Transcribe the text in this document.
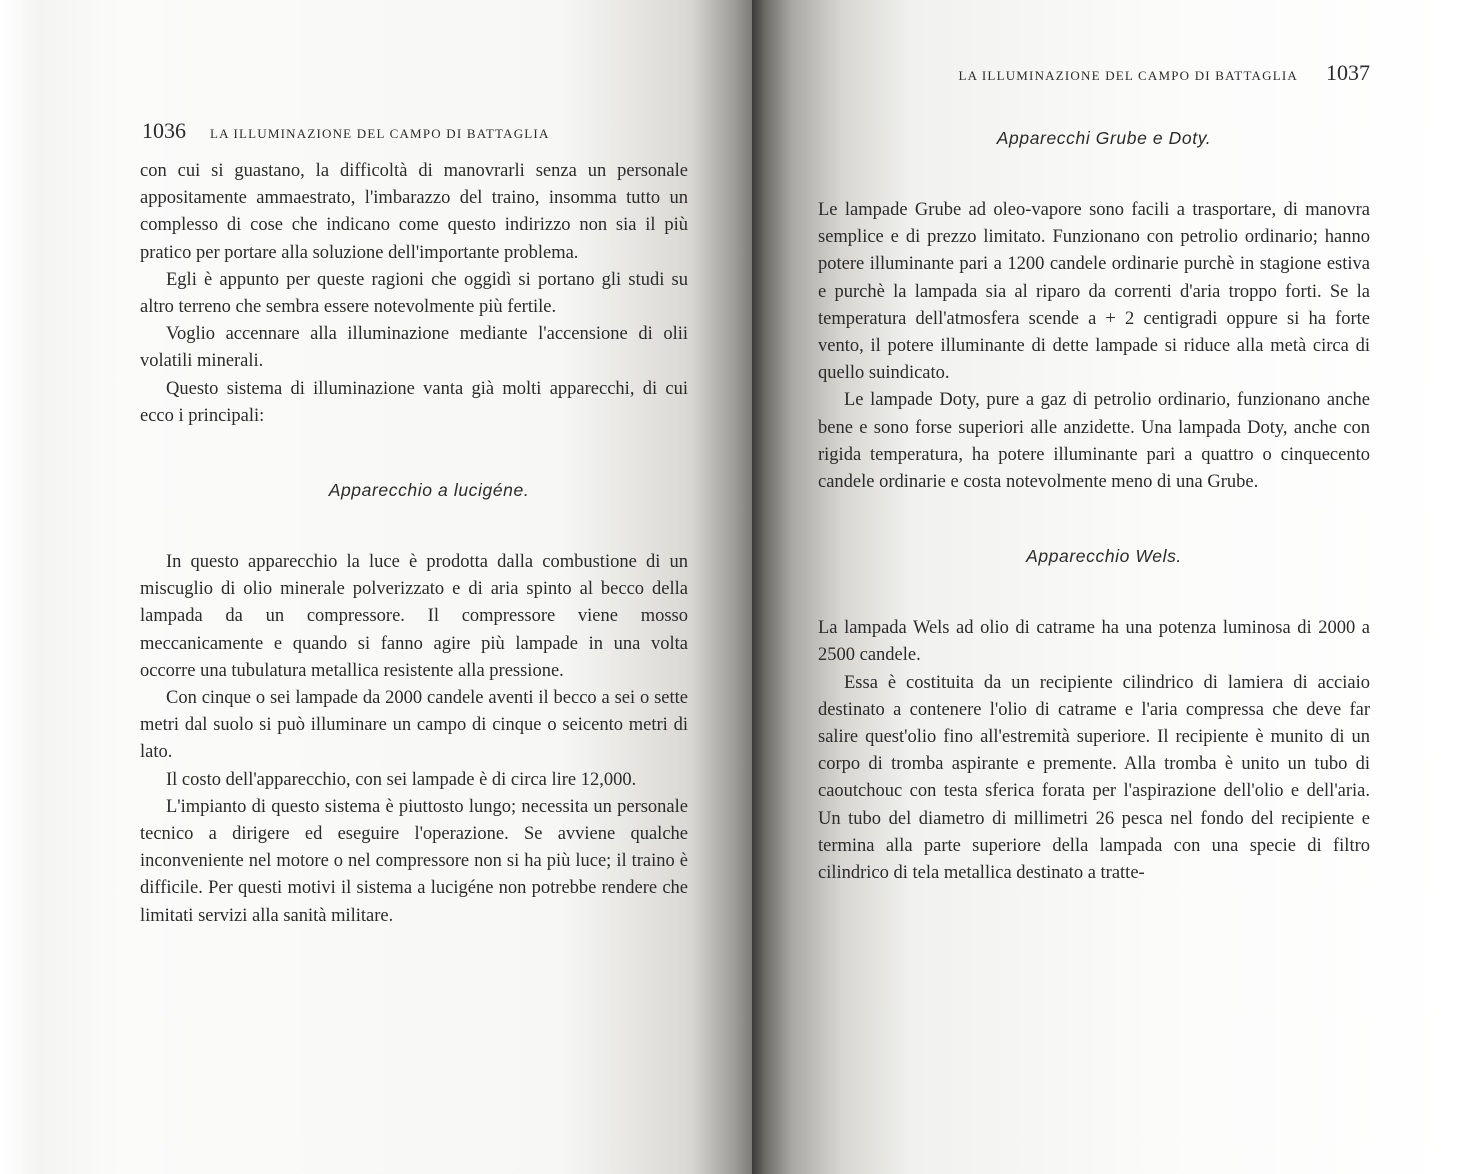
1036 LA ILLUMINAZIONE DEL CAMPO DI BATTAGLIA

con cui si guastano, la difficoltà di manovrarli senza un personale appositamente ammaestrato, l'imbarazzo del traino, insomma tutto un complesso di cose che indicano come questo indirizzo non sia il più pratico per portare alla soluzione dell'importante problema.

Egli è appunto per queste ragioni che oggidì si portano gli studi su altro terreno che sembra essere notevolmente più fertile.

Voglio accennare alla illuminazione mediante l'accensione di olii volatili minerali.

Questo sistema di illuminazione vanta già molti apparecchi, di cui ecco i principali:

Apparecchio a lucigéne.

In questo apparecchio la luce è prodotta dalla combustione di un miscuglio di olio minerale polverizzato e di aria spinto al becco della lampada da un compressore. Il compressore viene mosso meccanicamente e quando si fanno agire più lampade in una volta occorre una tubulatura metallica resistente alla pressione.

Con cinque o sei lampade da 2000 candele aventi il becco a sei o sette metri dal suolo si può illuminare un campo di cinque o seicento metri di lato.

Il costo dell'apparecchio, con sei lampade è di circa lire 12,000.

L'impianto di questo sistema è piuttosto lungo; necessita un personale tecnico a dirigere ed eseguire l'operazione. Se avviene qualche inconveniente nel motore o nel compressore non si ha più luce; il traino è difficile. Per questi motivi il sistema a lucigéne non potrebbe rendere che limitati servizi alla sanità militare.

LA ILLUMINAZIONE DEL CAMPO DI BATTAGLIA 1037

Apparecchi Grube e Doty.

Le lampade Grube ad oleo-vapore sono facili a trasportare, di manovra semplice e di prezzo limitato. Funzionano con petrolio ordinario; hanno potere illuminante pari a 1200 candele ordinarie purchè in stagione estiva e purchè la lampada sia al riparo da correnti d'aria troppo forti. Se la temperatura dell'atmosfera scende a + 2 centigradi oppure si ha forte vento, il potere illuminante di dette lampade si riduce alla metà circa di quello suindicato.

Le lampade Doty, pure a gaz di petrolio ordinario, funzionano anche bene e sono forse superiori alle anzidette. Una lampada Doty, anche con rigida temperatura, ha potere illuminante pari a quattro o cinquecento candele ordinarie e costa notevolmente meno di una Grube.

Apparecchio Wels.

La lampada Wels ad olio di catrame ha una potenza luminosa di 2000 a 2500 candele.

Essa è costituita da un recipiente cilindrico di lamiera di acciaio destinato a contenere l'olio di catrame e l'aria compressa che deve far salire quest'olio fino all'estremità superiore. Il recipiente è munito di un corpo di tromba aspirante e premente. Alla tromba è unito un tubo di caoutchouc con testa sferica forata per l'aspirazione dell'olio e dell'aria. Un tubo del diametro di millimetri 26 pesca nel fondo del recipiente e termina alla parte superiore della lampada con una specie di filtro cilindrico di tela metallica destinato a tratte-
